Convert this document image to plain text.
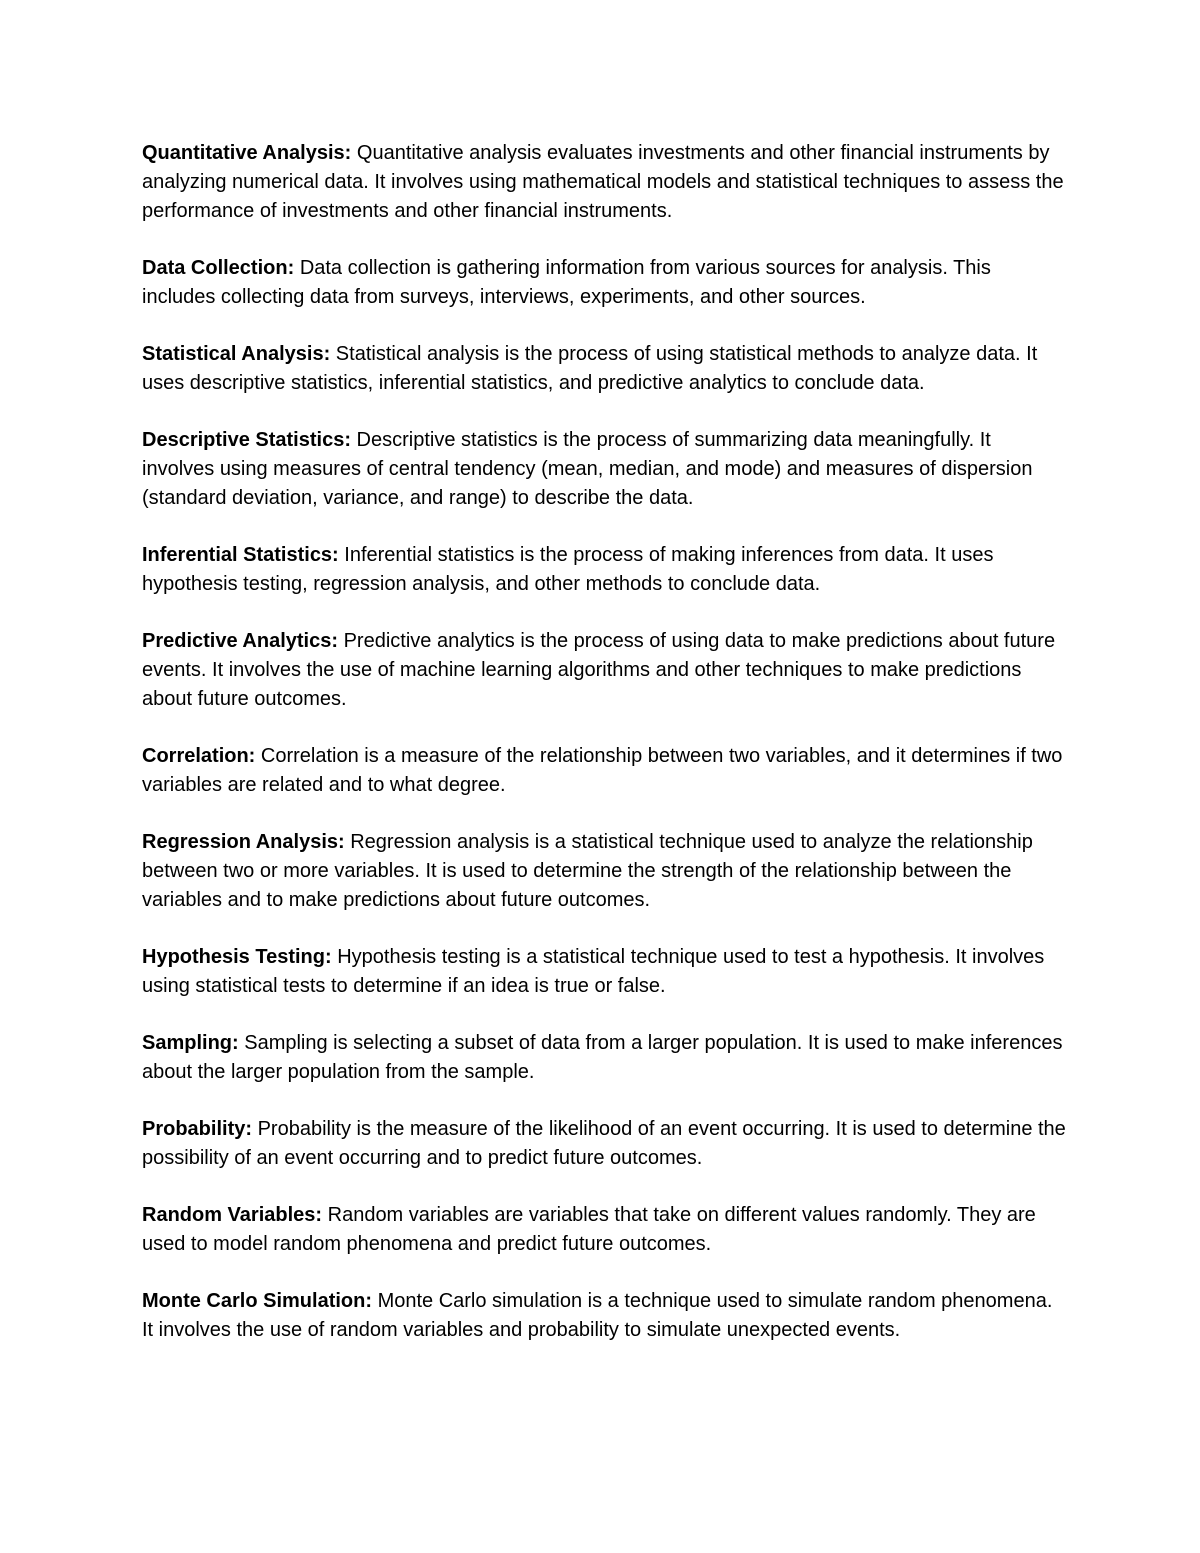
Quantitative Analysis: Quantitative analysis evaluates investments and other financial instruments by analyzing numerical data. It involves using mathematical models and statistical techniques to assess the performance of investments and other financial instruments.

Data Collection: Data collection is gathering information from various sources for analysis. This includes collecting data from surveys, interviews, experiments, and other sources.

Statistical Analysis: Statistical analysis is the process of using statistical methods to analyze data. It uses descriptive statistics, inferential statistics, and predictive analytics to conclude data.

Descriptive Statistics: Descriptive statistics is the process of summarizing data meaningfully. It involves using measures of central tendency (mean, median, and mode) and measures of dispersion (standard deviation, variance, and range) to describe the data.

Inferential Statistics: Inferential statistics is the process of making inferences from data. It uses hypothesis testing, regression analysis, and other methods to conclude data.

Predictive Analytics: Predictive analytics is the process of using data to make predictions about future events. It involves the use of machine learning algorithms and other techniques to make predictions about future outcomes.

Correlation: Correlation is a measure of the relationship between two variables, and it determines if two variables are related and to what degree.

Regression Analysis: Regression analysis is a statistical technique used to analyze the relationship between two or more variables. It is used to determine the strength of the relationship between the variables and to make predictions about future outcomes.

Hypothesis Testing: Hypothesis testing is a statistical technique used to test a hypothesis. It involves using statistical tests to determine if an idea is true or false.

Sampling: Sampling is selecting a subset of data from a larger population. It is used to make inferences about the larger population from the sample.

Probability: Probability is the measure of the likelihood of an event occurring. It is used to determine the possibility of an event occurring and to predict future outcomes.

Random Variables: Random variables are variables that take on different values randomly. They are used to model random phenomena and predict future outcomes.

Monte Carlo Simulation: Monte Carlo simulation is a technique used to simulate random phenomena. It involves the use of random variables and probability to simulate unexpected events.
